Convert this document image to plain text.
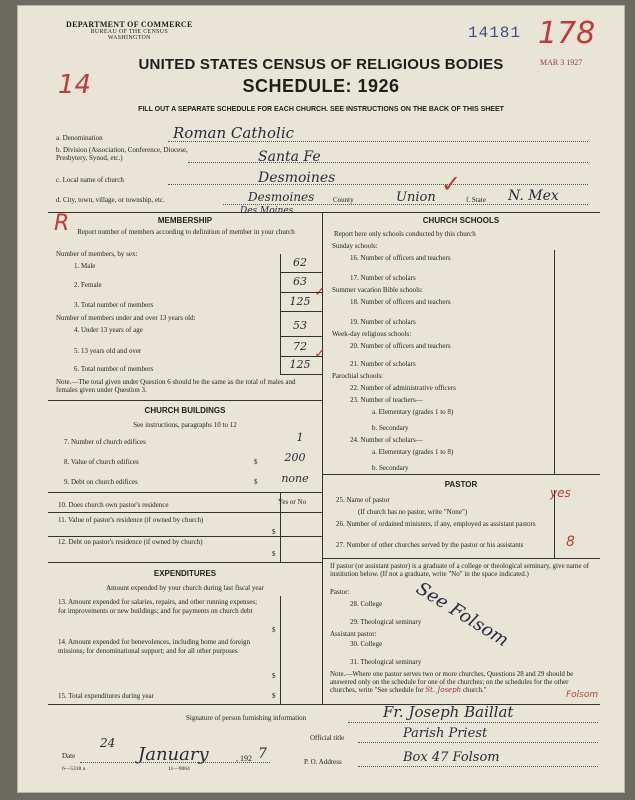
DEPARTMENT OF COMMERCE
BUREAU OF THE CENSUS
WASHINGTON	14181 178
14
MAR 3 1927
UNITED STATES CENSUS OF RELIGIOUS BODIES
SCHEDULE: 1926
FILL OUT A SEPARATE SCHEDULE FOR EACH CHURCH. SEE INSTRUCTIONS ON THE BACK OF THIS SHEET
a. Denomination	Roman Catholic
b. Division (Association, Conference, Diocese, Presbytery, Synod, etc.)	Santa Fe
c. Local name of church	Desmoines
d. City, town, village, or township, etc.	Desmoines	County	Union ✓
f. State N. Mex
R	MEMBERSHIP
Des Moines
Report number of members according to definition of member in your church
Number of members, by sex:
1. Male	62
2. Female	63
3. Total number of members	125
Number of members under and over 13 years old:
4. Under 13 years of age	53
5. 13 years old and over	72
6. Total number of members	125
✓
✓
Note.—The total given under Question 6 should be the same as the total of males and females given under Question 3.
CHURCH BUILDINGS
See instructions, paragraphs 10 to 12
7. Number of church edifices	1
8. Value of church edifices	$	200
9. Debt on church edifices	$	none
10. Does church own pastor's residence	Yes or No
11. Value of pastor's residence (if owned by church)
$
12. Debt on pastor's residence (if owned by church)
$
EXPENDITURES
Amount expended by your church during last fiscal year
13. Amount expended for salaries, repairs, and other running expenses; for improvements or new buildings; and for payments on church debt
$
14. Amount expended for benevolences, including home and foreign missions; for denominational support; and for all other purposes
$
15. Total expenditures during year	$
CHURCH SCHOOLS
Report here only schools conducted by this church
Sunday schools:
16. Number of officers and teachers
17. Number of scholars
Summer vacation Bible schools:
18. Number of officers and teachers
19. Number of scholars
Week-day religious schools:
20. Number of officers and teachers
21. Number of scholars
Parochial schools:
22. Number of administrative officers
23. Number of teachers—
a. Elementary (grades 1 to 8)
b. Secondary
24. Number of scholars—
a. Elementary (grades 1 to 8)
b. Secondary
PASTOR
25. Name of pastor
(If church has no pastor, write "None")
yes
26. Number of ordained ministers, if any, employed as assistant pastors
27. Number of other churches served by the pastor or his assistants	8
If pastor (or assistant pastor) is a graduate of a college or theological seminary, give name of institution below. (If not a graduate, write "No" in the space indicated.)
Pastor:
28. College
29. Theological seminary
See Folsom
Assistant pastor:
30. College
31. Theological seminary
Note.—Where one pastor serves two or more churches, Questions 28 and 29 should be answered only on the schedule for one of the churches; on the schedules for the other churches, write "See schedule for St. Joseph church."	Folsom
Signature of person furnishing information	Fr. Joseph Baillat
Official title	Parish Priest
P. O. Address	Box 47 Folsom
Date
24
January	, 192 7
6—5318 a	11—9064
